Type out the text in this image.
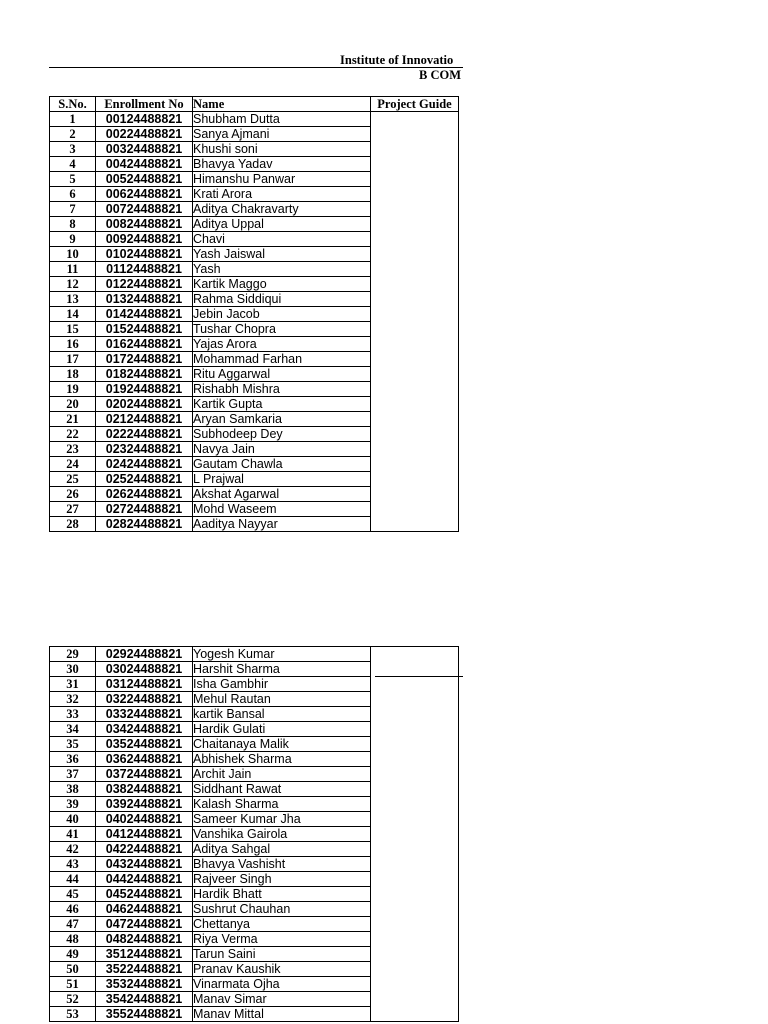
Institute of Innovatio
B COM
S.No.	Enrollment No	Name	Project Guide
1	00124488821	Shubham Dutta	
2	00224488821	Sanya Ajmani	
3	00324488821	Khushi soni	
4	00424488821	Bhavya Yadav	
5	00524488821	Himanshu Panwar	
6	00624488821	Krati Arora	
7	00724488821	Aditya Chakravarty	
8	00824488821	Aditya Uppal	
9	00924488821	Chavi	
10	01024488821	Yash Jaiswal	
11	01124488821	Yash	
12	01224488821	Kartik Maggo	
13	01324488821	Rahma Siddiqui	
14	01424488821	Jebin Jacob	
15	01524488821	Tushar Chopra	
16	01624488821	Yajas Arora	
17	01724488821	Mohammad Farhan	
18	01824488821	Ritu Aggarwal	
19	01924488821	Rishabh Mishra	
20	02024488821	Kartik Gupta	
21	02124488821	Aryan Samkaria	
22	02224488821	Subhodeep Dey	
23	02324488821	Navya Jain	
24	02424488821	Gautam Chawla	
25	02524488821	L Prajwal	
26	02624488821	Akshat Agarwal	
27	02724488821	Mohd Waseem	
28	02824488821	Aaditya Nayyar	
29	02924488821	Yogesh Kumar	
30	03024488821	Harshit Sharma	
31	03124488821	Isha Gambhir	
32	03224488821	Mehul Rautan	
33	03324488821	kartik Bansal	
34	03424488821	Hardik Gulati	
35	03524488821	Chaitanaya Malik	
36	03624488821	Abhishek Sharma	
37	03724488821	Archit Jain	
38	03824488821	Siddhant Rawat	
39	03924488821	Kalash Sharma	
40	04024488821	Sameer Kumar Jha	
41	04124488821	Vanshika Gairola	
42	04224488821	Aditya Sahgal	
43	04324488821	Bhavya Vashisht	
44	04424488821	Rajveer Singh	
45	04524488821	Hardik Bhatt	
46	04624488821	Sushrut Chauhan	
47	04724488821	Chettanya	
48	04824488821	Riya Verma	
49	35124488821	Tarun Saini	
50	35224488821	Pranav Kaushik	
51	35324488821	Vinarmata Ojha	
52	35424488821	Manav Simar	
53	35524488821	Manav Mittal	
